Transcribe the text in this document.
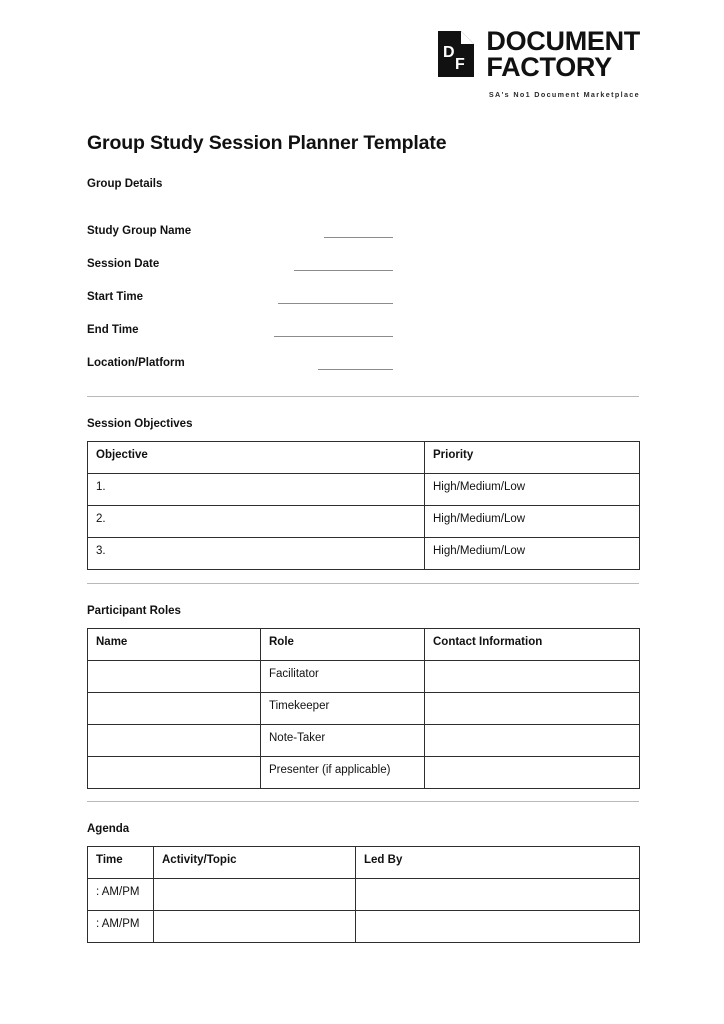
D
F
DOCUMENT
FACTORY
SA's No1 Document Marketplace
Group Study Session Planner Template
Group Details
Study Group Name
Session Date
Start Time
End Time
Location/Platform
Session Objectives
Objective	Priority
1.	High/Medium/Low
2.	High/Medium/Low
3.	High/Medium/Low
Participant Roles
Name	Role	Contact Information
	Facilitator	
	Timekeeper	
	Note-Taker	
	Presenter (if applicable)	
Agenda
Time	Activity/Topic	Led By
: AM/PM		
: AM/PM		
